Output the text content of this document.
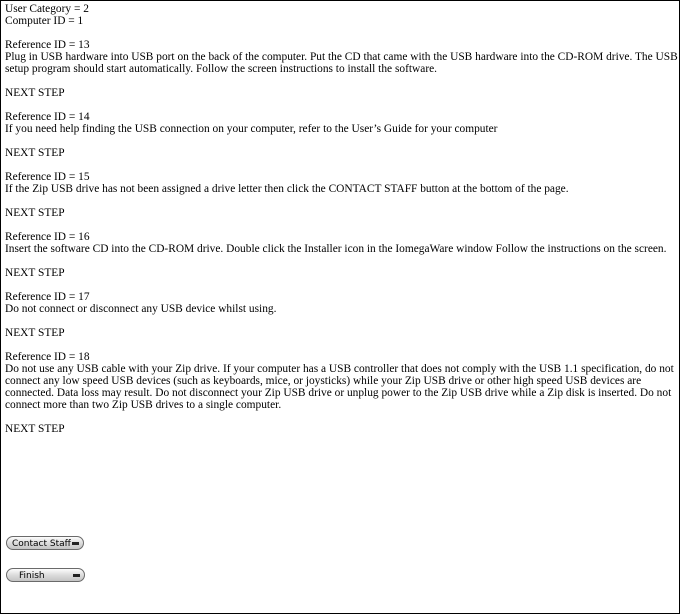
User Category = 2
Computer ID = 1
Reference ID = 13
Plug in USB hardware into USB port on the back of the computer. Put the CD that came with the USB hardware into the CD-ROM drive. The USB
setup program should start automatically. Follow the screen instructions to install the software.
NEXT STEP
Reference ID = 14
If you need help finding the USB connection on your computer, refer to the User’s Guide for your computer
NEXT STEP
Reference ID = 15
If the Zip USB drive has not been assigned a drive letter then click the CONTACT STAFF button at the bottom of the page.
NEXT STEP
Reference ID = 16
Insert the software CD into the CD-ROM drive. Double click the Installer icon in the IomegaWare window Follow the instructions on the screen.
NEXT STEP
Reference ID = 17
Do not connect or disconnect any USB device whilst using.
NEXT STEP
Reference ID = 18
Do not use any USB cable with your Zip drive. If your computer has a USB controller that does not comply with the USB 1.1 specification, do not
connect any low speed USB devices (such as keyboards, mice, or joysticks) while your Zip USB drive or other high speed USB devices are
connected. Data loss may result. Do not disconnect your Zip USB drive or unplug power to the Zip USB drive while a Zip disk is inserted. Do not
connect more than two Zip USB drives to a single computer.
NEXT STEP
Contact Staff
Finish
